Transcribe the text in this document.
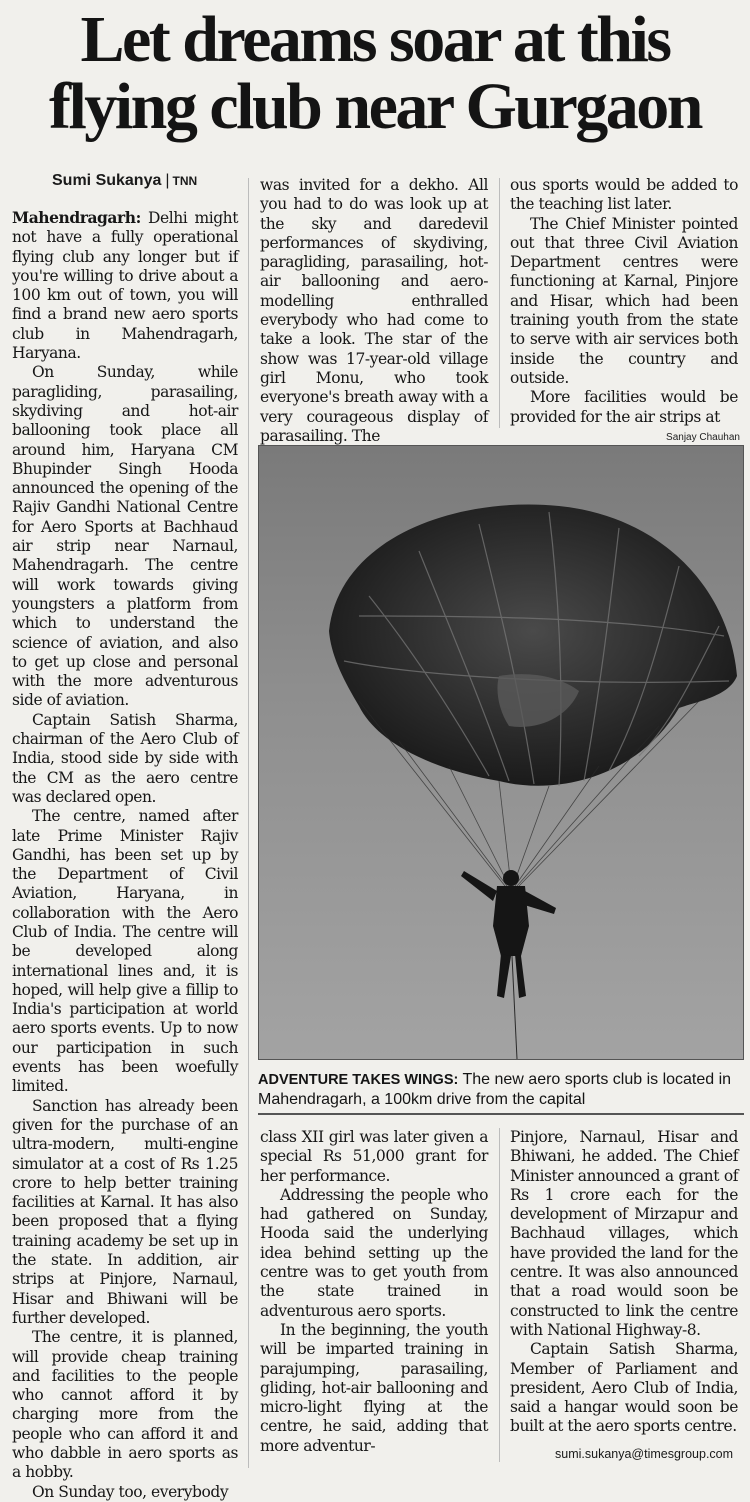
Let dreams soar at this
flying club near Gurgaon
Sumi Sukanya | TNN

Mahendragarh: Delhi might not have a fully operational flying club any longer but if you're willing to drive about a 100 km out of town, you will find a brand new aero sports club in Mahendragarh, Haryana.

On Sunday, while paragliding, parasailing, skydiving and hot-air ballooning took place all around him, Haryana CM Bhupinder Singh Hooda announced the opening of the Rajiv Gandhi National Centre for Aero Sports at Bachhaud air strip near Narnaul, Mahendragarh. The centre will work towards giving youngsters a platform from which to understand the science of aviation, and also to get up close and personal with the more adventurous side of aviation.

Captain Satish Sharma, chairman of the Aero Club of India, stood side by side with the CM as the aero centre was declared open.

The centre, named after late Prime Minister Rajiv Gandhi, has been set up by the Department of Civil Aviation, Haryana, in collaboration with the Aero Club of India. The centre will be developed along international lines and, it is hoped, will help give a fillip to India's participation at world aero sports events. Up to now our participation in such events has been woefully limited.

Sanction has already been given for the purchase of an ultra-modern, multi-engine simulator at a cost of Rs 1.25 crore to help better training facilities at Karnal. It has also been proposed that a flying training academy be set up in the state. In addition, air strips at Pinjore, Narnaul, Hisar and Bhiwani will be further developed.

The centre, it is planned, will provide cheap training and facilities to the people who cannot afford it by charging more from the people who can afford it and who dabble in aero sports as a hobby.

On Sunday too, everybody

was invited for a dekho. All you had to do was look up at the sky and daredevil performances of skydiving, paragliding, parasailing, hot-air ballooning and aero-modelling enthralled everybody who had come to take a look. The star of the show was 17-year-old village girl Monu, who took everyone's breath away with a very courageous display of parasailing. The

ous sports would be added to the teaching list later.

The Chief Minister pointed out that three Civil Aviation Department centres were functioning at Karnal, Pinjore and Hisar, which had been training youth from the state to serve with air services both inside the country and outside.

More facilities would be provided for the air strips at

Sanjay Chauhan
ADVENTURE TAKES WINGS: The new aero sports club is located in Mahendragarh, a 100km drive from the capital

class XII girl was later given a special Rs 51,000 grant for her performance.

Addressing the people who had gathered on Sunday, Hooda said the underlying idea behind setting up the centre was to get youth from the state trained in adventurous aero sports.

In the beginning, the youth will be imparted training in parajumping, parasailing, gliding, hot-air ballooning and micro-light flying at the centre, he said, adding that more adventur-

Pinjore, Narnaul, Hisar and Bhiwani, he added. The Chief Minister announced a grant of Rs 1 crore each for the development of Mirzapur and Bachhaud villages, which have provided the land for the centre. It was also announced that a road would soon be constructed to link the centre with National Highway-8.

Captain Satish Sharma, Member of Parliament and president, Aero Club of India, said a hangar would soon be built at the aero sports centre.

sumi.sukanya@timesgroup.com
